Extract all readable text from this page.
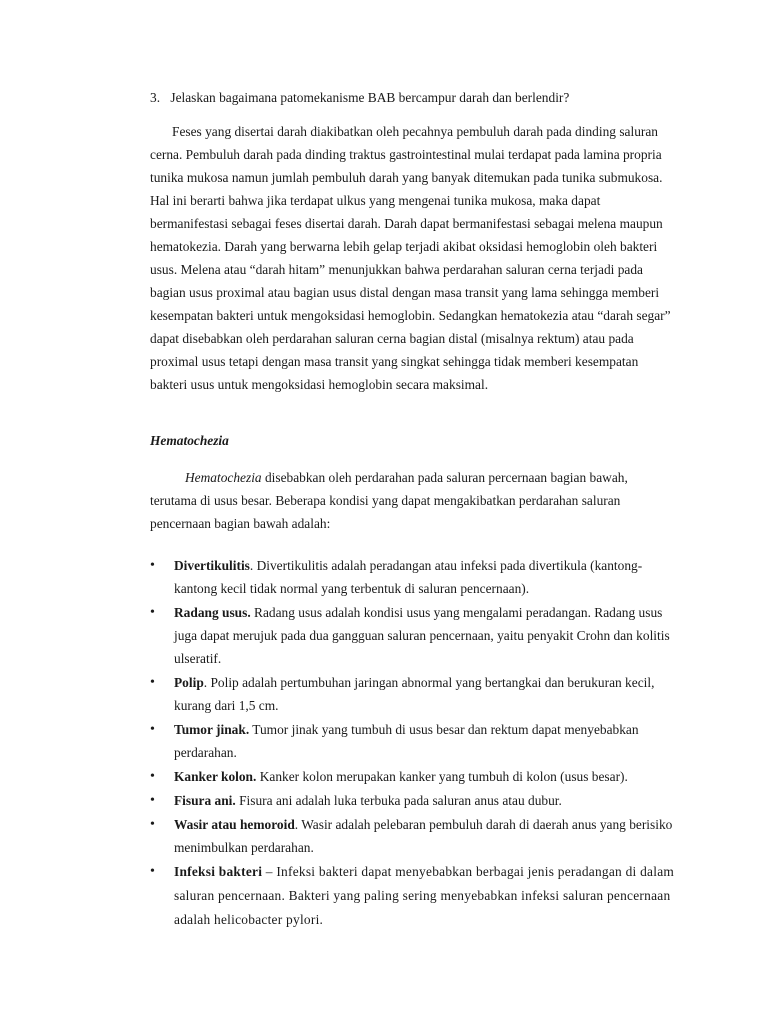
3. Jelaskan bagaimana patomekanisme BAB bercampur darah dan berlendir?

Feses yang disertai darah diakibatkan oleh pecahnya pembuluh darah pada dinding saluran cerna. Pembuluh darah pada dinding traktus gastrointestinal mulai terdapat pada lamina propria tunika mukosa namun jumlah pembuluh darah yang banyak ditemukan pada tunika submukosa. Hal ini berarti bahwa jika terdapat ulkus yang mengenai tunika mukosa, maka dapat bermanifestasi sebagai feses disertai darah. Darah dapat bermanifestasi sebagai melena maupun hematokezia. Darah yang berwarna lebih gelap terjadi akibat oksidasi hemoglobin oleh bakteri usus. Melena atau “darah hitam” menunjukkan bahwa perdarahan saluran cerna terjadi pada bagian usus proximal atau bagian usus distal dengan masa transit yang lama sehingga memberi kesempatan bakteri untuk mengoksidasi hemoglobin. Sedangkan hematokezia atau “darah segar” dapat disebabkan oleh perdarahan saluran cerna bagian distal (misalnya rektum) atau pada proximal usus tetapi dengan masa transit yang singkat sehingga tidak memberi kesempatan bakteri usus untuk mengoksidasi hemoglobin secara maksimal.

Hematochezia

Hematochezia disebabkan oleh perdarahan pada saluran percernaan bagian bawah, terutama di usus besar. Beberapa kondisi yang dapat mengakibatkan perdarahan saluran pencernaan bagian bawah adalah:

• Divertikulitis. Divertikulitis adalah peradangan atau infeksi pada divertikula (kantong-kantong kecil tidak normal yang terbentuk di saluran pencernaan).
• Radang usus. Radang usus adalah kondisi usus yang mengalami peradangan. Radang usus juga dapat merujuk pada dua gangguan saluran pencernaan, yaitu penyakit Crohn dan kolitis ulseratif.
• Polip. Polip adalah pertumbuhan jaringan abnormal yang bertangkai dan berukuran kecil, kurang dari 1,5 cm.
• Tumor jinak. Tumor jinak yang tumbuh di usus besar dan rektum dapat menyebabkan perdarahan.
• Kanker kolon. Kanker kolon merupakan kanker yang tumbuh di kolon (usus besar).
• Fisura ani. Fisura ani adalah luka terbuka pada saluran anus atau dubur.
• Wasir atau hemoroid. Wasir adalah pelebaran pembuluh darah di daerah anus yang berisiko menimbulkan perdarahan.
• Infeksi bakteri – Infeksi bakteri dapat menyebabkan berbagai jenis peradangan di dalam saluran pencernaan. Bakteri yang paling sering menyebabkan infeksi saluran pencernaan adalah helicobacter pylori.
